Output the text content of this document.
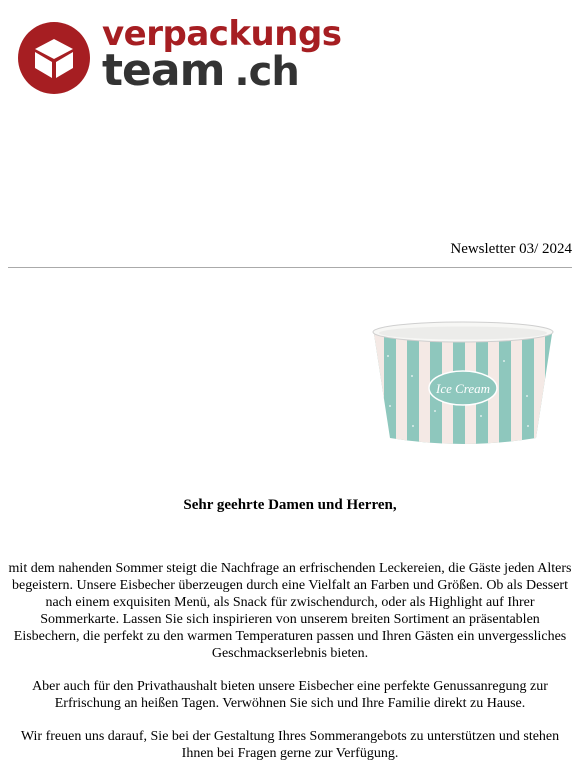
verpackungs
team .ch
Newsletter 03/ 2024
Ice Cream
Sehr geehrte Damen und Herren,

mit dem nahenden Sommer steigt die Nachfrage an erfrischenden Leckereien, die Gäste jeden Alters begeistern. Unsere Eisbecher überzeugen durch eine Vielfalt an Farben und Größen. Ob als Dessert nach einem exquisiten Menü, als Snack für zwischendurch, oder als Highlight auf Ihrer Sommerkarte. Lassen Sie sich inspirieren von unserem breiten Sortiment an präsentablen Eisbechern, die perfekt zu den warmen Temperaturen passen und Ihren Gästen ein unvergessliches Geschmackserlebnis bieten.

Aber auch für den Privathaushalt bieten unsere Eisbecher eine perfekte Genussanregung zur Erfrischung an heißen Tagen. Verwöhnen Sie sich und Ihre Familie direkt zu Hause.

Wir freuen uns darauf, Sie bei der Gestaltung Ihres Sommerangebots zu unterstützen und stehen Ihnen bei Fragen gerne zur Verfügung.
